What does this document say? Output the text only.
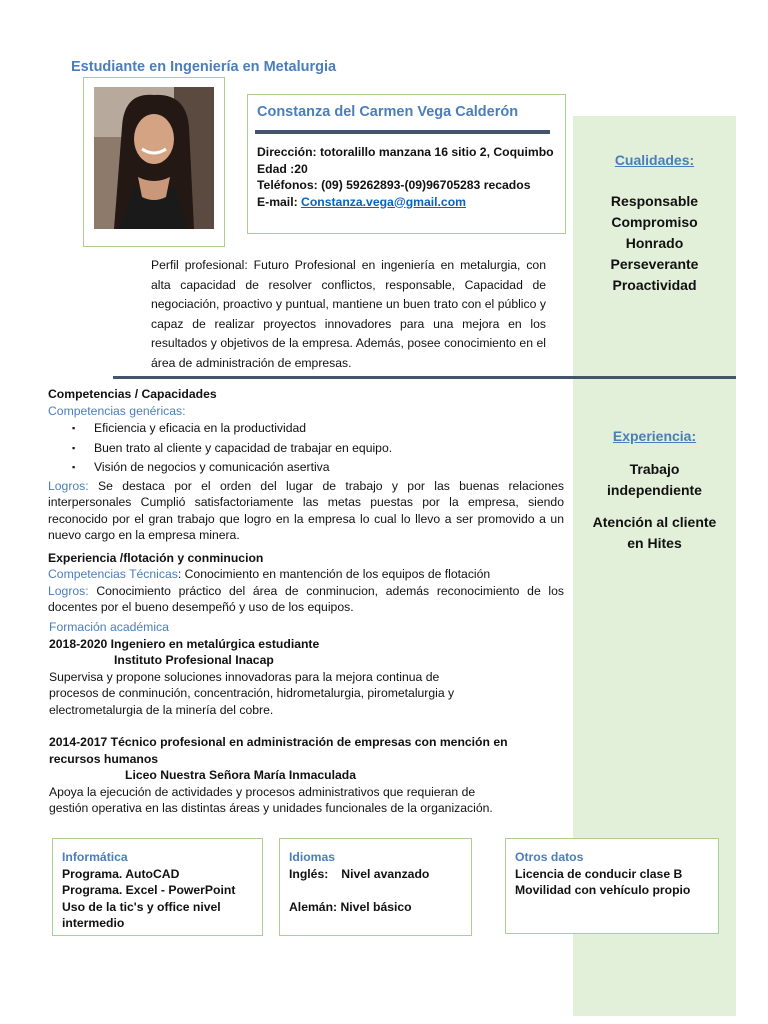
Cualidades:
Responsable
Compromiso
Honrado
Perseverante
Proactividad
Experiencia:
Trabajo independiente
Atención al cliente en Hites
Estudiante en Ingeniería en Metalurgia
Constanza del Carmen Vega Calderón
Dirección: totoralillo manzana 16 sitio 2, Coquimbo
Edad :20
Teléfonos: (09) 59262893-(09)96705283 recados
E-mail: Constanza.vega@gmail.com
Perfil profesional: Futuro Profesional en ingeniería en metalurgia, con alta capacidad de resolver conflictos, responsable, Capacidad de negociación, proactivo y puntual, mantiene un buen trato con el público y capaz de realizar proyectos innovadores para una mejora en los resultados y objetivos de la empresa. Además, posee conocimiento en el área de administración de empresas.
Competencias / Capacidades
Competencias genéricas:
▪ Eficiencia y eficacia en la productividad
▪ Buen trato al cliente y capacidad de trabajar en equipo.
▪ Visión de negocios y comunicación asertiva
Logros: Se destaca por el orden del lugar de trabajo y por las buenas relaciones interpersonales Cumplió satisfactoriamente las metas puestas por la empresa, siendo reconocido por el gran trabajo que logro en la empresa lo cual lo llevo a ser promovido a un nuevo cargo en la empresa minera.
Experiencia /flotación y conminucion
Competencias Técnicas: Conocimiento en mantención de los equipos de flotación
Logros: Conocimiento práctico del área de conminucion, además reconocimiento de los docentes por el bueno desempeñó y uso de los equipos.
Formación académica
2018-2020 Ingeniero en metalúrgica estudiante
Instituto Profesional Inacap
Supervisa y propone soluciones innovadoras para la mejora continua de
procesos de conminución, concentración, hidrometalurgia, pirometalurgia y
electrometalurgia de la minería del cobre.
2014-2017 Técnico profesional en administración de empresas con mención en
recursos humanos
Liceo Nuestra Señora María Inmaculada
Apoya la ejecución de actividades y procesos administrativos que requieran de
gestión operativa en las distintas áreas y unidades funcionales de la organización.
Informática
Programa. AutoCAD
Programa. Excel - PowerPoint
Uso de la tic's y office nivel
intermedio
Idiomas
Inglés: Nivel avanzado
Alemán: Nivel básico
Otros datos
Licencia de conducir clase B
Movilidad con vehículo propio
